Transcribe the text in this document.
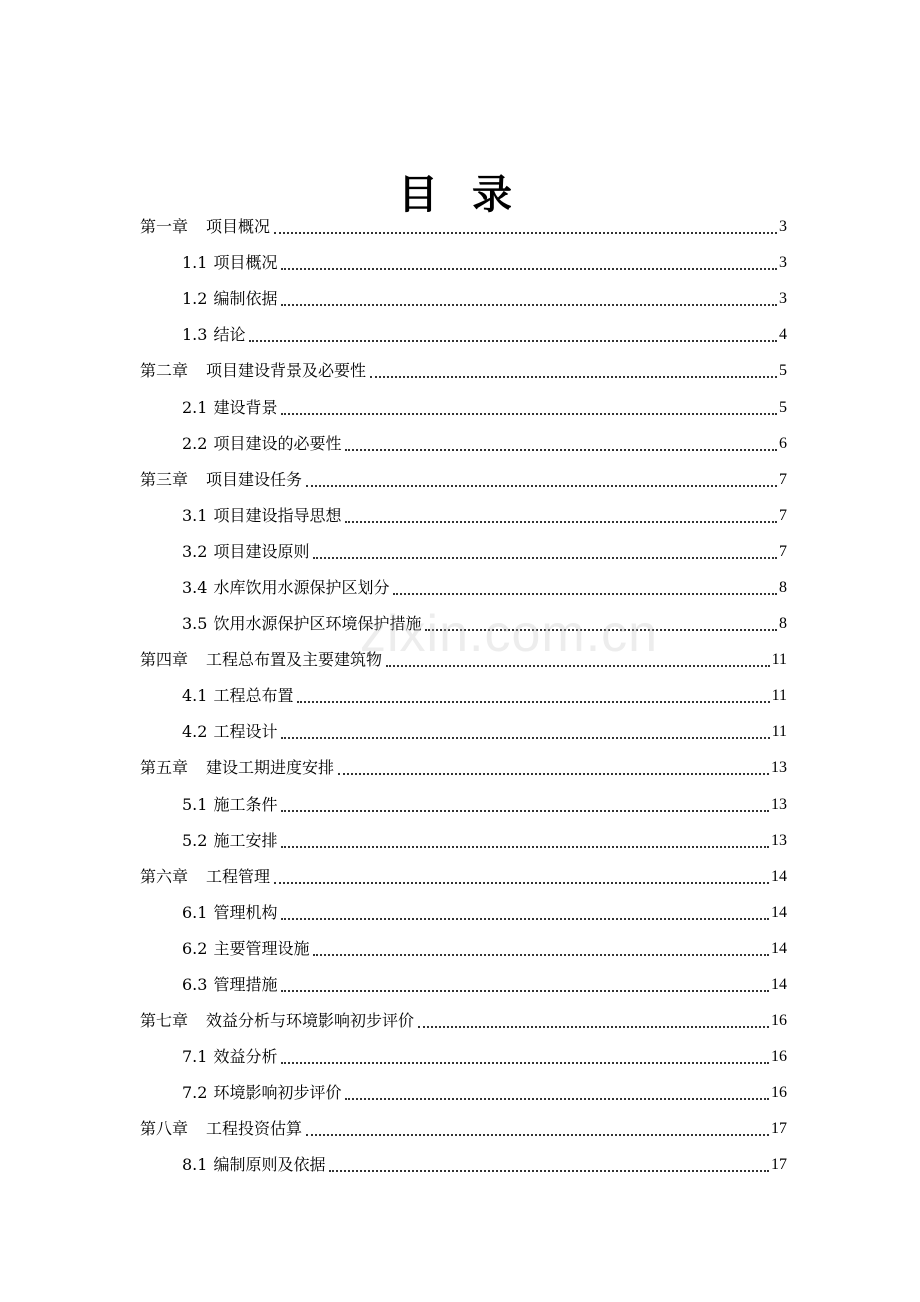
目 录
第一章 项目概况	3
1.1 项目概况	3
1.2 编制依据	3
1.3 结论	4
第二章 项目建设背景及必要性	5
2.1 建设背景	5
2.2 项目建设的必要性	6
第三章 项目建设任务	7
3.1 项目建设指导思想	7
3.2 项目建设原则	7
3.4 水库饮用水源保护区划分	8
3.5 饮用水源保护区环境保护措施	8
第四章 工程总布置及主要建筑物	11
4.1 工程总布置	11
4.2 工程设计	11
第五章 建设工期进度安排	13
5.1 施工条件	13
5.2 施工安排	13
第六章 工程管理	14
6.1 管理机构	14
6.2 主要管理设施	14
6.3 管理措施	14
第七章 效益分析与环境影响初步评价	16
7.1 效益分析	16
7.2 环境影响初步评价	16
第八章 工程投资估算	17
8.1 编制原则及依据	17
zixin.com.cn
